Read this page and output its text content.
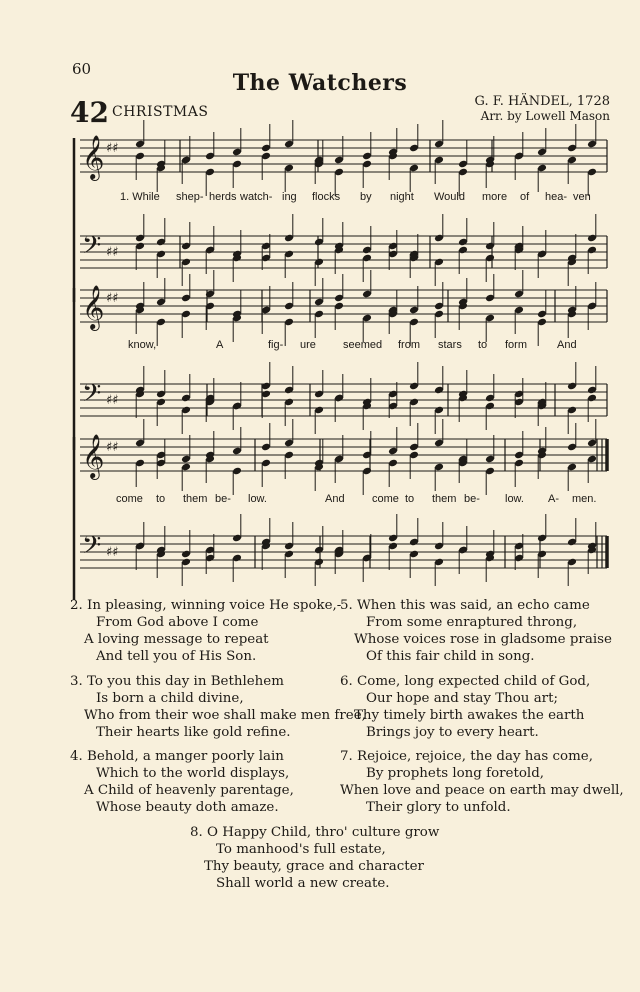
60
The Watchers
42 CHRISTMAS
G. F. HÄNDEL, 1728
Arr. by Lowell Mason
𝄞 ♯♯
𝄢 ♯♯
𝄞 ♯♯
𝄢 ♯♯
𝄞 ♯♯
𝄢 ♯♯
1. While shep- herds watch- ing flocks by night Would more of hea- ven
know,	A	fig- ure seemed from stars to form	And
come to them be- low.	And come to them be- low. A- men.
2. In pleasing, winning voice He spoke,-
From God above I come
A loving message to repeat
And tell you of His Son.
3. To you this day in Bethlehem
Is born a child divine,
Who from their woe shall make men free,
Their hearts like gold refine.
4. Behold, a manger poorly lain
Which to the world displays,
A Child of heavenly parentage,
Whose beauty doth amaze.
5. When this was said, an echo came
From some enraptured throng,
Whose voices rose in gladsome praise
Of this fair child in song.
6. Come, long expected child of God,
Our hope and stay Thou art;
Thy timely birth awakes the earth
Brings joy to every heart.
7. Rejoice, rejoice, the day has come,
By prophets long foretold,
When love and peace on earth may dwell,
Their glory to unfold.
8. O Happy Child, thro' culture grow
To manhood's full estate,
Thy beauty, grace and character
Shall world a new create.
